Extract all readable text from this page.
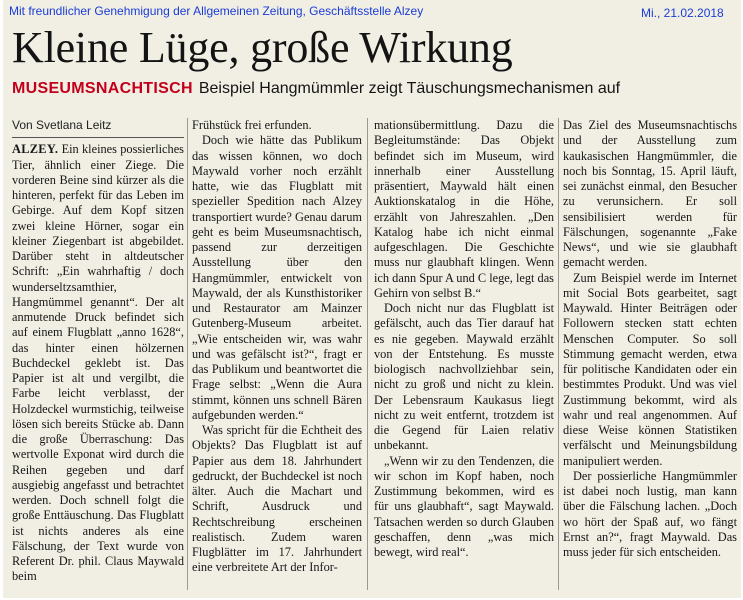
Mit freundlicher Genehmigung der Allgemeinen Zeitung, Geschäftsstelle Alzey	Mi., 21.02.2018
Kleine Lüge, große Wirkung
MUSEUMSNACHTISCH Beispiel Hangmümmler zeigt Täuschungsmechanismen auf
Von Svetlana Leitz

ALZEY. Ein kleines possierliches Tier, ähnlich einer Ziege. Die vorderen Beine sind kürzer als die hinteren, perfekt für das Leben im Gebirge. Auf dem Kopf sitzen zwei kleine Hörner, sogar ein kleiner Ziegenbart ist abgebildet. Darüber steht in altdeutscher Schrift: „Ein wahrhaftig / doch wunderseltzsamthier, Hangmümmel genannt“. Der alt anmutende Druck befindet sich auf einem Flugblatt „anno 1628“, das hinter einen hölzernen Buchdeckel geklebt ist. Das Papier ist alt und vergilbt, die Farbe leicht verblasst, der Holzdeckel wurmstichig, teilweise lösen sich bereits Stücke ab. Dann die große Überraschung: Das wertvolle Exponat wird durch die Reihen gegeben und darf ausgiebig angefasst und betrachtet werden. Doch schnell folgt die große Enttäuschung. Das Flugblatt ist nichts anderes als eine Fälschung, der Text wurde von Referent Dr. phil. Claus Maywald beim

Frühstück frei erfunden.

Doch wie hätte das Publikum das wissen können, wo doch Maywald vorher noch erzählt hatte, wie das Flugblatt mit spezieller Spedition nach Alzey transportiert wurde? Genau darum geht es beim Museumsnachtisch, passend zur derzeitigen Ausstellung über den Hangmümmler, entwickelt von Maywald, der als Kunsthistoriker und Restaurator am Mainzer Gutenberg-Museum arbeitet. „Wie entscheiden wir, was wahr und was gefälscht ist?“, fragt er das Publikum und beantwortet die Frage selbst: „Wenn die Aura stimmt, können uns schnell Bären aufgebunden werden.“

Was spricht für die Echtheit des Objekts? Das Flugblatt ist auf Papier aus dem 18. Jahrhundert gedruckt, der Buchdeckel ist noch älter. Auch die Machart und Schrift, Ausdruck und Rechtschreibung erscheinen realistisch. Zudem waren Flugblätter im 17. Jahrhundert eine verbreitete Art der Infor-

mationsübermittlung. Dazu die Begleitumstände: Das Objekt befindet sich im Museum, wird innerhalb einer Ausstellung präsentiert, Maywald hält einen Auktionskatalog in die Höhe, erzählt von Jahreszahlen. „Den Katalog habe ich nicht einmal aufgeschlagen. Die Geschichte muss nur glaubhaft klingen. Wenn ich dann Spur A und C lege, legt das Gehirn von selbst B.“

Doch nicht nur das Flugblatt ist gefälscht, auch das Tier darauf hat es nie gegeben. Maywald erzählt von der Entstehung. Es musste biologisch nachvollziehbar sein, nicht zu groß und nicht zu klein. Der Lebensraum Kaukasus liegt nicht zu weit entfernt, trotzdem ist die Gegend für Laien relativ unbekannt.

„Wenn wir zu den Tendenzen, die wir schon im Kopf haben, noch Zustimmung bekommen, wird es für uns glaubhaft“, sagt Maywald. Tatsachen werden so durch Glauben geschaffen, denn „was mich bewegt, wird real“.

Das Ziel des Museumsnachtischs und der Ausstellung zum kaukasischen Hangmümmler, die noch bis Sonntag, 15. April läuft, sei zunächst einmal, den Besucher zu verunsichern. Er soll sensibilisiert werden für Fälschungen, sogenannte „Fake News“, und wie sie glaubhaft gemacht werden.

Zum Beispiel werde im Internet mit Social Bots gearbeitet, sagt Maywald. Hinter Beiträgen oder Followern stecken statt echten Menschen Computer. So soll Stimmung gemacht werden, etwa für politische Kandidaten oder ein bestimmtes Produkt. Und was viel Zustimmung bekommt, wird als wahr und real angenommen. Auf diese Weise können Statistiken verfälscht und Meinungsbildung manipuliert werden.

Der possierliche Hangmümmler ist dabei noch lustig, man kann über die Fälschung lachen. „Doch wo hört der Spaß auf, wo fängt Ernst an?“, fragt Maywald. Das muss jeder für sich entscheiden.
